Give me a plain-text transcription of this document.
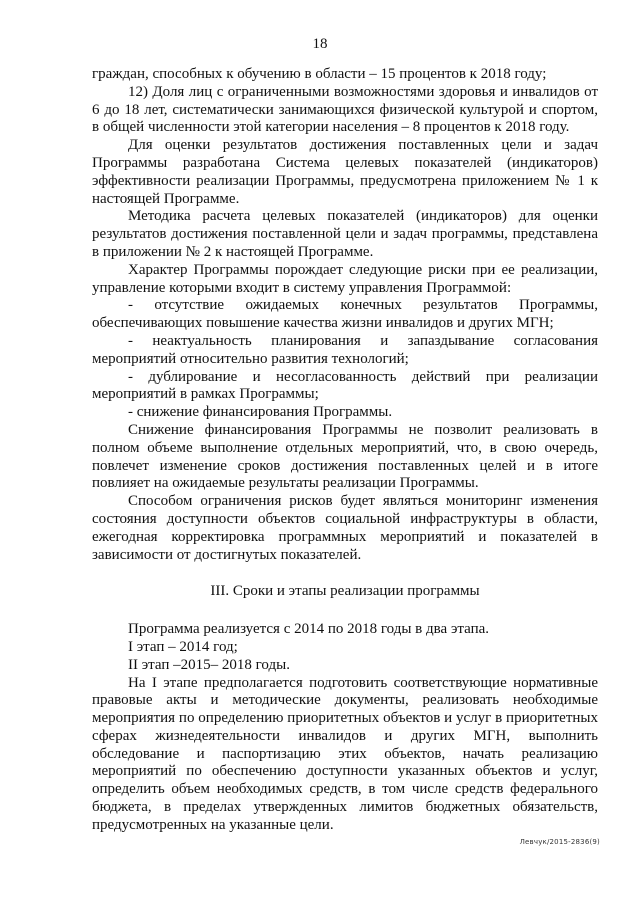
18

граждан, способных к обучению в области – 15 процентов к 2018 году;

12) Доля лиц с ограниченными возможностями здоровья и инвалидов от 6 до 18 лет, систематически занимающихся физической культурой и спортом, в общей численности этой категории населения – 8 процентов к 2018 году.

Для оценки результатов достижения поставленных цели и задач Программы разработана Система целевых показателей (индикаторов) эффективности реализации Программы, предусмотрена приложением № 1 к настоящей Программе.

Методика расчета целевых показателей (индикаторов) для оценки результатов достижения поставленной цели и задач программы, представлена в приложении № 2 к настоящей Программе.

Характер Программы порождает следующие риски при ее реализации, управление которыми входит в систему управления Программой:

- отсутствие ожидаемых конечных результатов Программы, обеспечивающих повышение качества жизни инвалидов и других МГН;

- неактуальность планирования и запаздывание согласования мероприятий относительно развития технологий;

- дублирование и несогласованность действий при реализации мероприятий в рамках Программы;

- снижение финансирования Программы.

Снижение финансирования Программы не позволит реализовать в полном объеме выполнение отдельных мероприятий, что, в свою очередь, повлечет изменение сроков достижения поставленных целей и в итоге повлияет на ожидаемые результаты реализации Программы.

Способом ограничения рисков будет являться мониторинг изменения состояния доступности объектов социальной инфраструктуры в области, ежегодная корректировка программных мероприятий и показателей в зависимости от достигнутых показателей.

III. Сроки и этапы реализации программы

Программа реализуется с 2014 по 2018 годы в два этапа.

I этап – 2014 год;

II этап –2015– 2018 годы.

На I этапе предполагается подготовить соответствующие нормативные правовые акты и методические документы, реализовать необходимые мероприятия по определению приоритетных объектов и услуг в приоритетных сферах жизнедеятельности инвалидов и других МГН, выполнить обследование и паспортизацию этих объектов, начать реализацию мероприятий по обеспечению доступности указанных объектов и услуг, определить объем необходимых средств, в том числе средств федерального бюджета, в пределах утвержденных лимитов бюджетных обязательств, предусмотренных на указанные цели.

Левчук/2015-2836(9)
